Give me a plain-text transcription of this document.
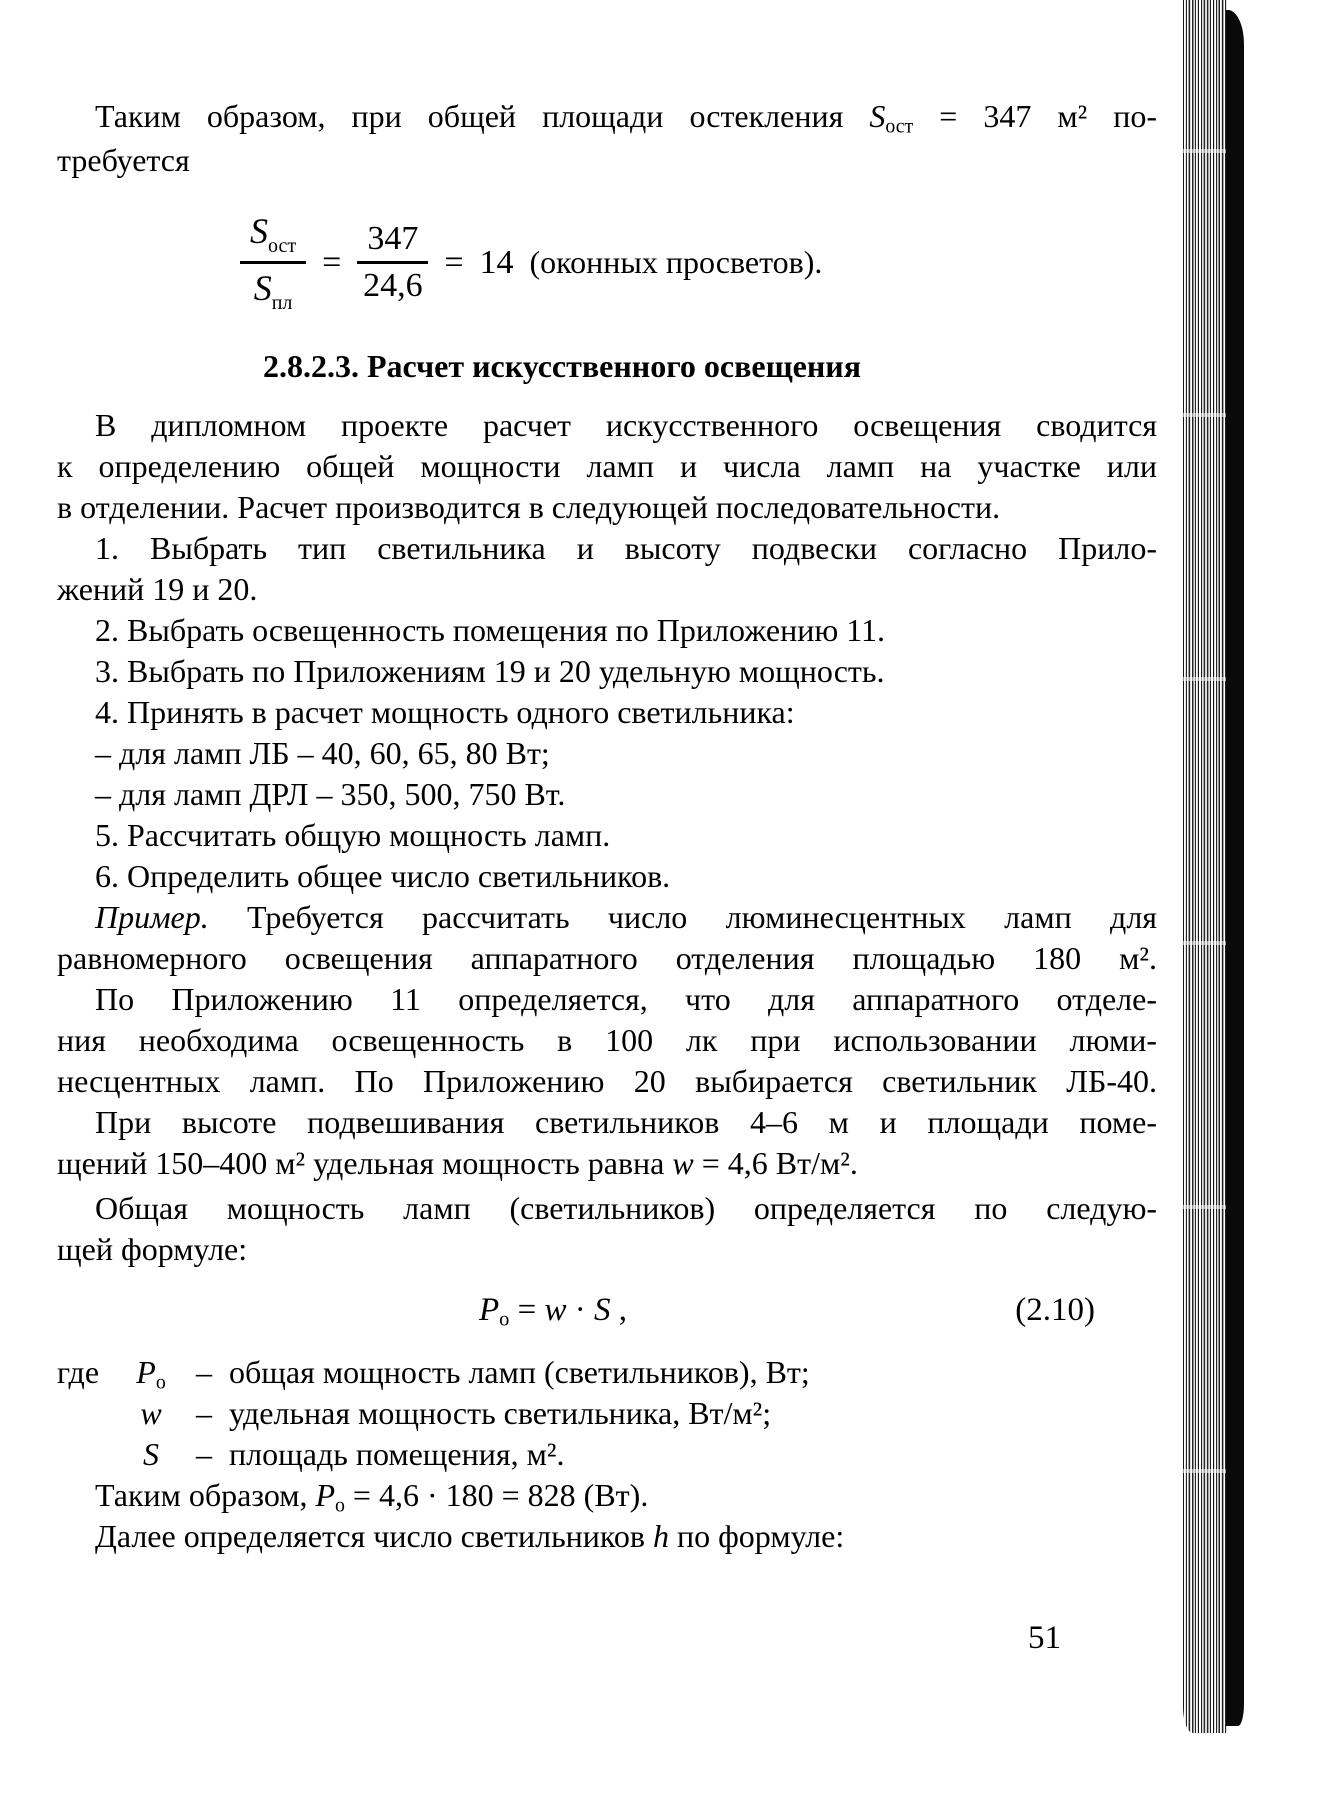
Таким образом, при общей площади остекления $S_{ост} = 347$ м² по-
требуется
$\frac{S_{ост}}{S_{пл}} = \frac{347}{24,6} = 14$ (оконных просветов).
2.8.2.3. Расчет искусственного освещения
В дипломном проекте расчет искусственного освещения сводится
к определению общей мощности ламп и числа ламп на участке или
в отделении. Расчет производится в следующей последовательности.
1. Выбрать тип светильника и высоту подвески согласно Прило-
жений 19 и 20.
2. Выбрать освещенность помещения по Приложению 11.
3. Выбрать по Приложениям 19 и 20 удельную мощность.
4. Принять в расчет мощность одного светильника:
– для ламп ЛБ – 40, 60, 65, 80 Вт;
– для ламп ДРЛ – 350, 500, 750 Вт.
5. Рассчитать общую мощность ламп.
6. Определить общее число светильников.
Пример. Требуется рассчитать число люминесцентных ламп для
равномерного освещения аппаратного отделения площадью 180 м².
По Приложению 11 определяется, что для аппаратного отделе-
ния необходима освещенность в 100 лк при использовании люми-
несцентных ламп. По Приложению 20 выбирается светильник ЛБ-40.
При высоте подвешивания светильников 4–6 м и площади поме-
щений 150–400 м² удельная мощность равна w = 4,6 Вт/м².
Общая мощность ламп (светильников) определяется по следую-
щей формуле:
$P_о = w \cdot S$ ,	(2.10)
где $P_о$ – общая мощность ламп (светильников), Вт;
w – удельная мощность светильника, Вт/м²;
S – площадь помещения, м².
Таким образом, $P_о = 4,6 \cdot 180 = 828$ (Вт).
Далее определяется число светильников h по формуле:
51
